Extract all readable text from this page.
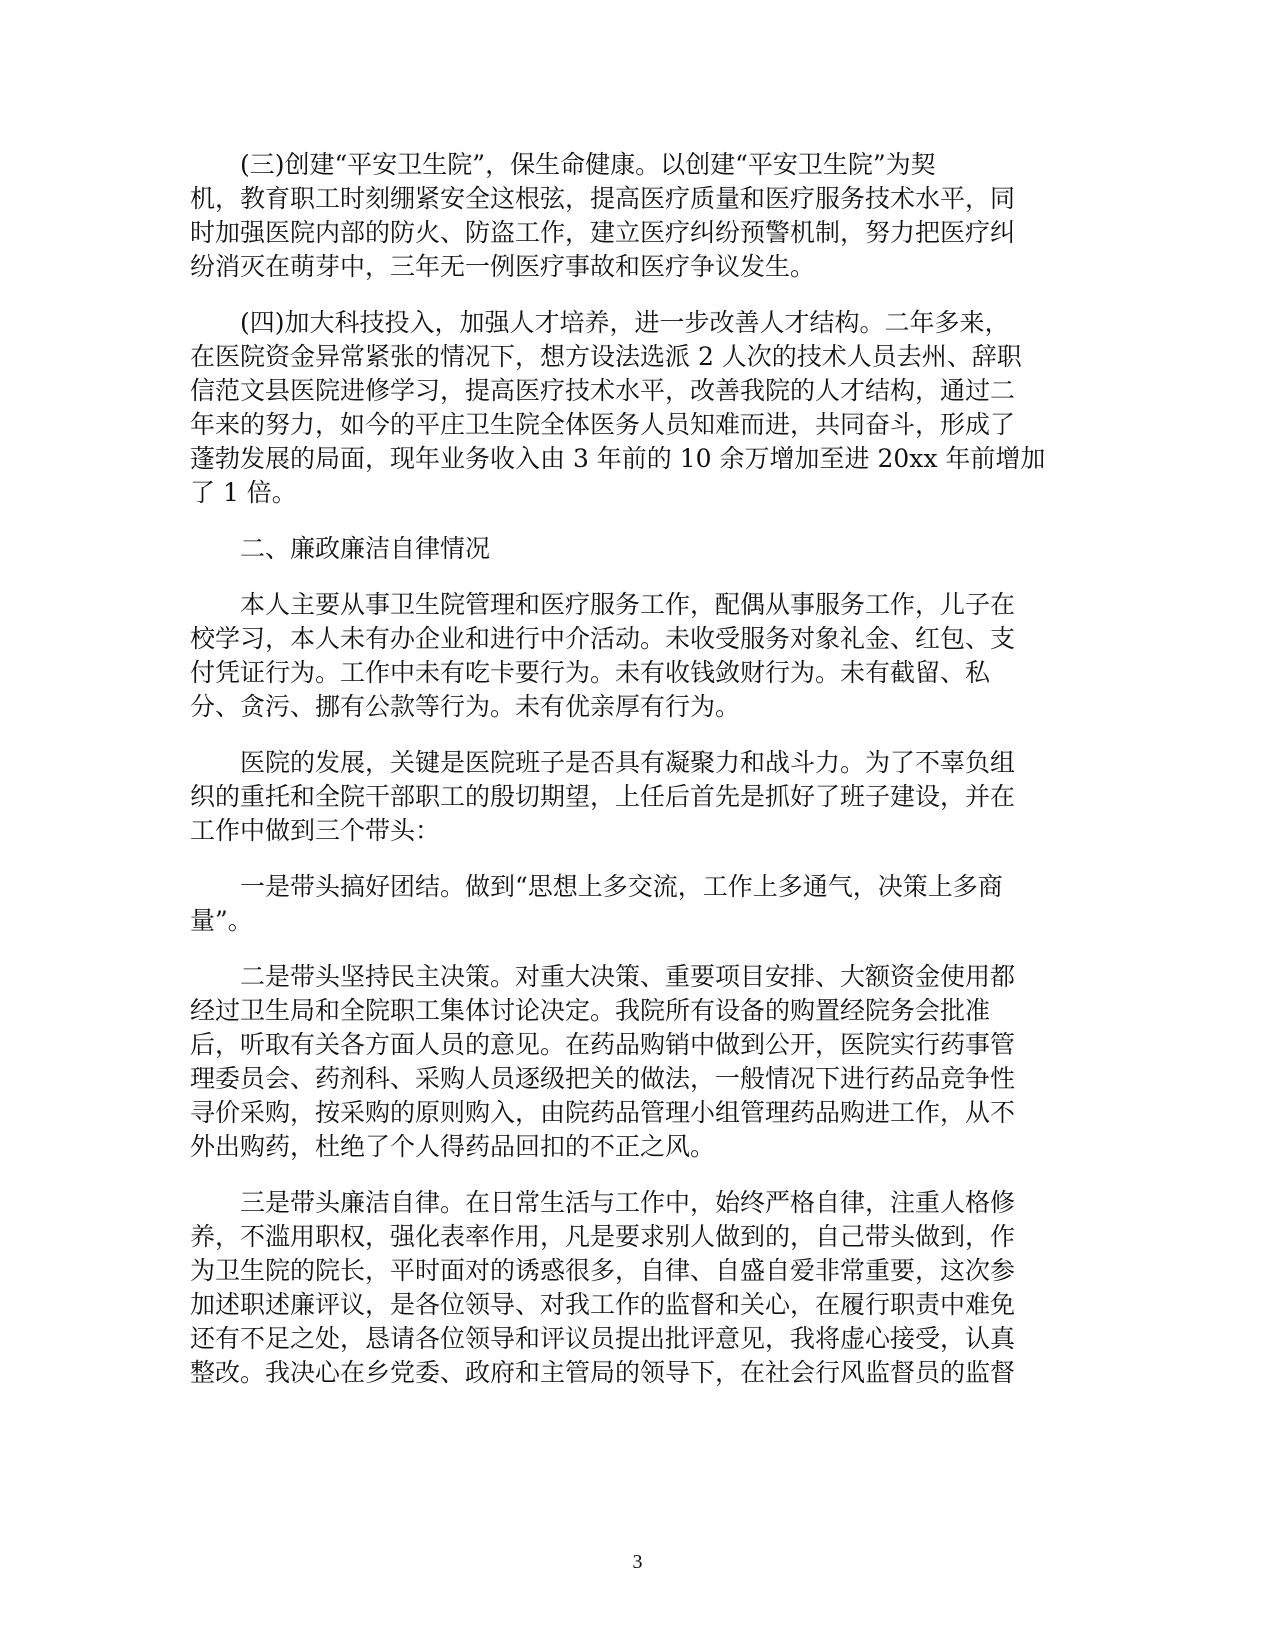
(三)创建“平安卫生院”，保生命健康。以创建“平安卫生院”为契
机，教育职工时刻绷紧安全这根弦，提高医疗质量和医疗服务技术水平，同
时加强医院内部的防火、防盗工作，建立医疗纠纷预警机制，努力把医疗纠
纷消灭在萌芽中，三年无一例医疗事故和医疗争议发生。

(四)加大科技投入，加强人才培养，进一步改善人才结构。二年多来，
在医院资金异常紧张的情况下，想方设法选派 2 人次的技术人员去州、辞职
信范文县医院进修学习，提高医疗技术水平，改善我院的人才结构，通过二
年来的努力，如今的平庄卫生院全体医务人员知难而进，共同奋斗，形成了
蓬勃发展的局面，现年业务收入由 3 年前的 10 余万增加至进 20xx 年前增加
了 1 倍。

二、廉政廉洁自律情况

本人主要从事卫生院管理和医疗服务工作，配偶从事服务工作，儿子在
校学习，本人未有办企业和进行中介活动。未收受服务对象礼金、红包、支
付凭证行为。工作中未有吃卡要行为。未有收钱敛财行为。未有截留、私
分、贪污、挪有公款等行为。未有优亲厚有行为。

医院的发展，关键是医院班子是否具有凝聚力和战斗力。为了不辜负组
织的重托和全院干部职工的殷切期望，上任后首先是抓好了班子建设，并在
工作中做到三个带头：

一是带头搞好团结。做到“思想上多交流，工作上多通气，决策上多商
量”。

二是带头坚持民主决策。对重大决策、重要项目安排、大额资金使用都
经过卫生局和全院职工集体讨论决定。我院所有设备的购置经院务会批准
后，听取有关各方面人员的意见。在药品购销中做到公开，医院实行药事管
理委员会、药剂科、采购人员逐级把关的做法，一般情况下进行药品竞争性
寻价采购，按采购的原则购入，由院药品管理小组管理药品购进工作，从不
外出购药，杜绝了个人得药品回扣的不正之风。

三是带头廉洁自律。在日常生活与工作中，始终严格自律，注重人格修
养，不滥用职权，强化表率作用，凡是要求别人做到的，自己带头做到，作
为卫生院的院长，平时面对的诱惑很多，自律、自盛自爱非常重要，这次参
加述职述廉评议，是各位领导、对我工作的监督和关心，在履行职责中难免
还有不足之处，恳请各位领导和评议员提出批评意见，我将虚心接受，认真
整改。我决心在乡党委、政府和主管局的领导下，在社会行风监督员的监督

3
